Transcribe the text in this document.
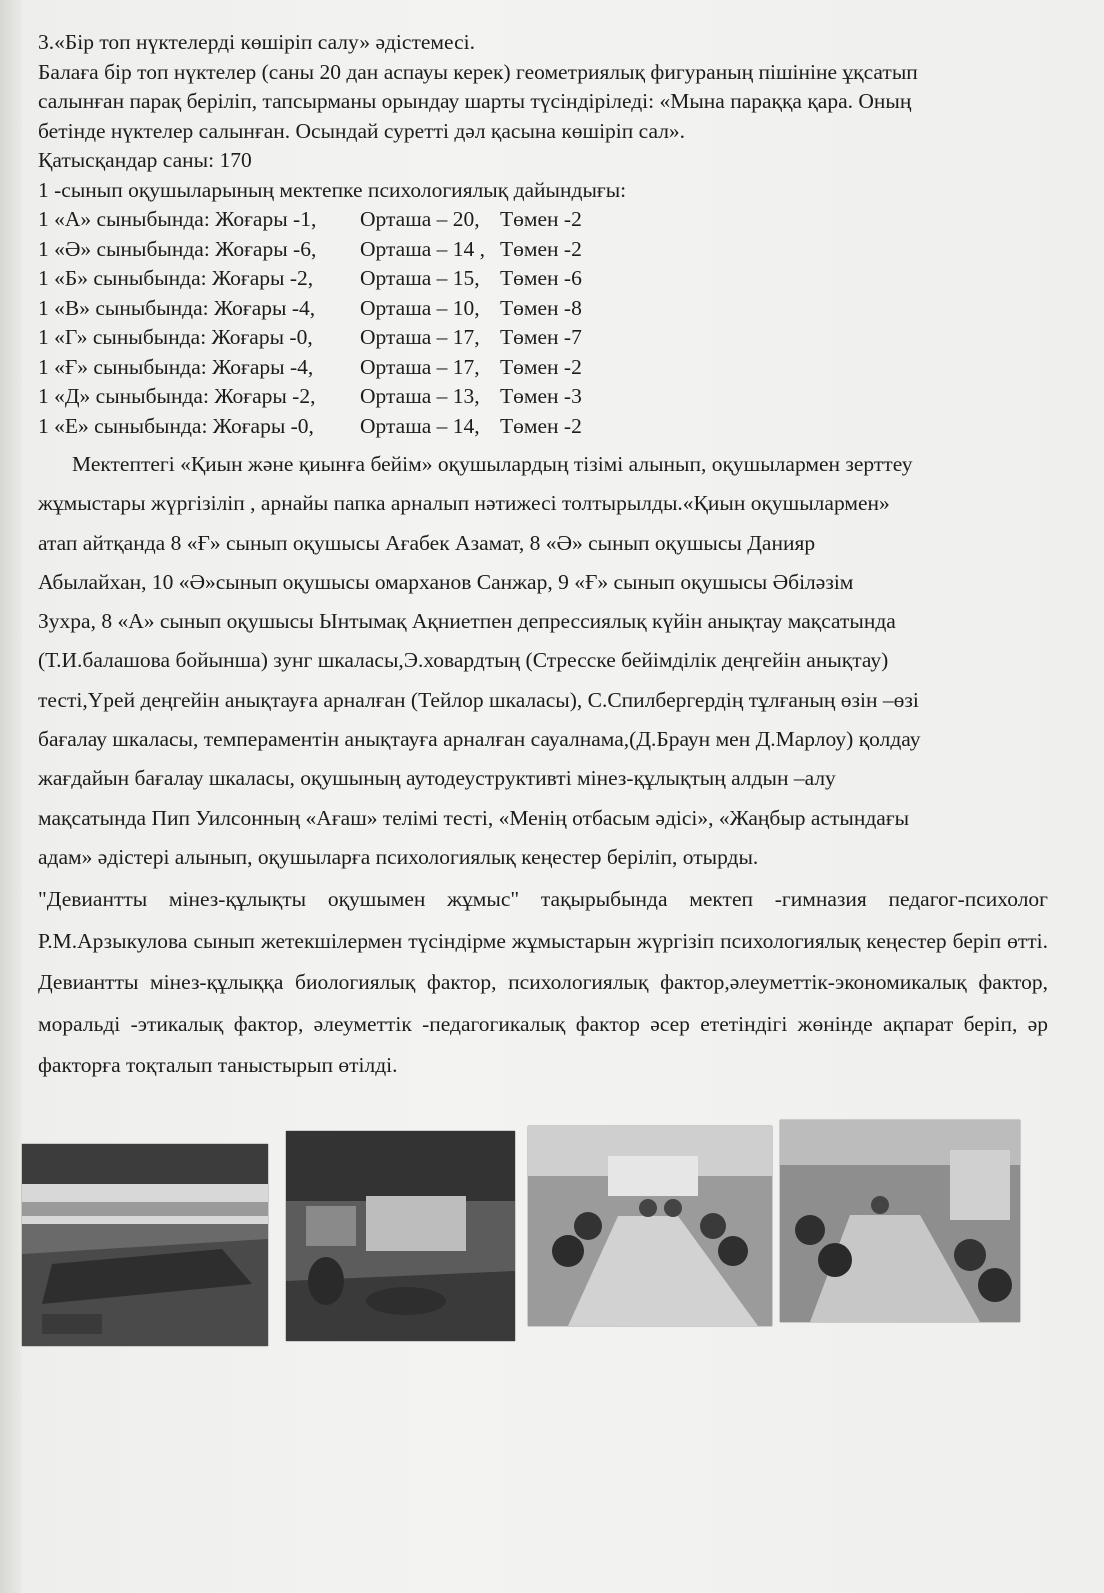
3.«Бір топ нүктелерді көшіріп салу» әдістемесі.
Балаға бір топ нүктелер (саны 20 дан аспауы керек) геометриялық фигураның пішініне ұқсатып
салынған парақ беріліп, тапсырманы орындау шарты түсіндіріледі: «Мына параққа қара. Оның
бетінде нүктелер салынған. Осындай суретті дәл қасына көшіріп сал».
Қатысқандар саны: 170
1 -сынып оқушыларының мектепке психологиялық дайындығы:
1 «А» сыныбында: Жоғары -1,	Орташа – 20, Төмен -2
1 «Ә» сыныбында: Жоғары -6,	Орташа – 14 , Төмен -2
1 «Б» сыныбында: Жоғары -2,	Орташа – 15, Төмен -6
1 «В» сыныбында: Жоғары -4,	Орташа – 10, Төмен -8
1 «Г» сыныбында: Жоғары -0,	Орташа – 17, Төмен -7
1 «Ғ» сыныбында: Жоғары -4,	Орташа – 17, Төмен -2
1 «Д» сыныбында: Жоғары -2,	Орташа – 13, Төмен -3
1 «Е» сыныбында: Жоғары -0,	Орташа – 14, Төмен -2
Мектептегі «Қиын және қиынға бейім» оқушылардың тізімі алынып, оқушылармен зерттеу
жұмыстары жүргізіліп , арнайы папка арналып нәтижесі толтырылды.«Қиын оқушылармен»
атап айтқанда 8 «Ғ» сынып оқушысы Ағабек Азамат, 8 «Ә» сынып оқушысы Данияр
Абылайхан, 10 «Ә»сынып оқушысы омарханов Санжар, 9 «Ғ» сынып оқушысы Әбіләзім
Зухра, 8 «А» сынып оқушысы Ынтымақ Ақниетпен депрессиялық күйін анықтау мақсатында
(Т.И.балашова бойынша) зунг шкаласы,Э.ховардтың (Стресске бейімділік деңгейін анықтау)
тесті,Үрей деңгейін анықтауға арналған (Тейлор шкаласы), С.Спилбергердің тұлғаның өзін –өзі
бағалау шкаласы, темпераментін анықтауға арналған сауалнама,(Д.Браун мен Д.Марлоу) қолдау
жағдайын бағалау шкаласы, оқушының аутодеуструктивті мінез-құлықтың алдын –алу
мақсатында Пип Уилсонның «Ағаш» телімі тесті, «Менің отбасым әдісі», «Жаңбыр астындағы
адам» әдістері алынып, оқушыларға психологиялық кеңестер беріліп, отырды.
"Девиантты мінез-құлықты оқушымен жұмыс" тақырыбында мектеп -гимназия педагог-психолог Р.М.Арзыкулова сынып жетекшілермен түсіндірме жұмыстарын жүргізіп психологиялық кеңестер беріп өтті. Девиантты мінез-құлыққа биологиялық фактор, психологиялық фактор,әлеуметтік-экономикалық фактор, моральді -этикалық фактор, әлеуметтік -педагогикалық фактор әсер ететіндігі жөнінде ақпарат беріп, әр факторға тоқталып таныстырып өтілді.
